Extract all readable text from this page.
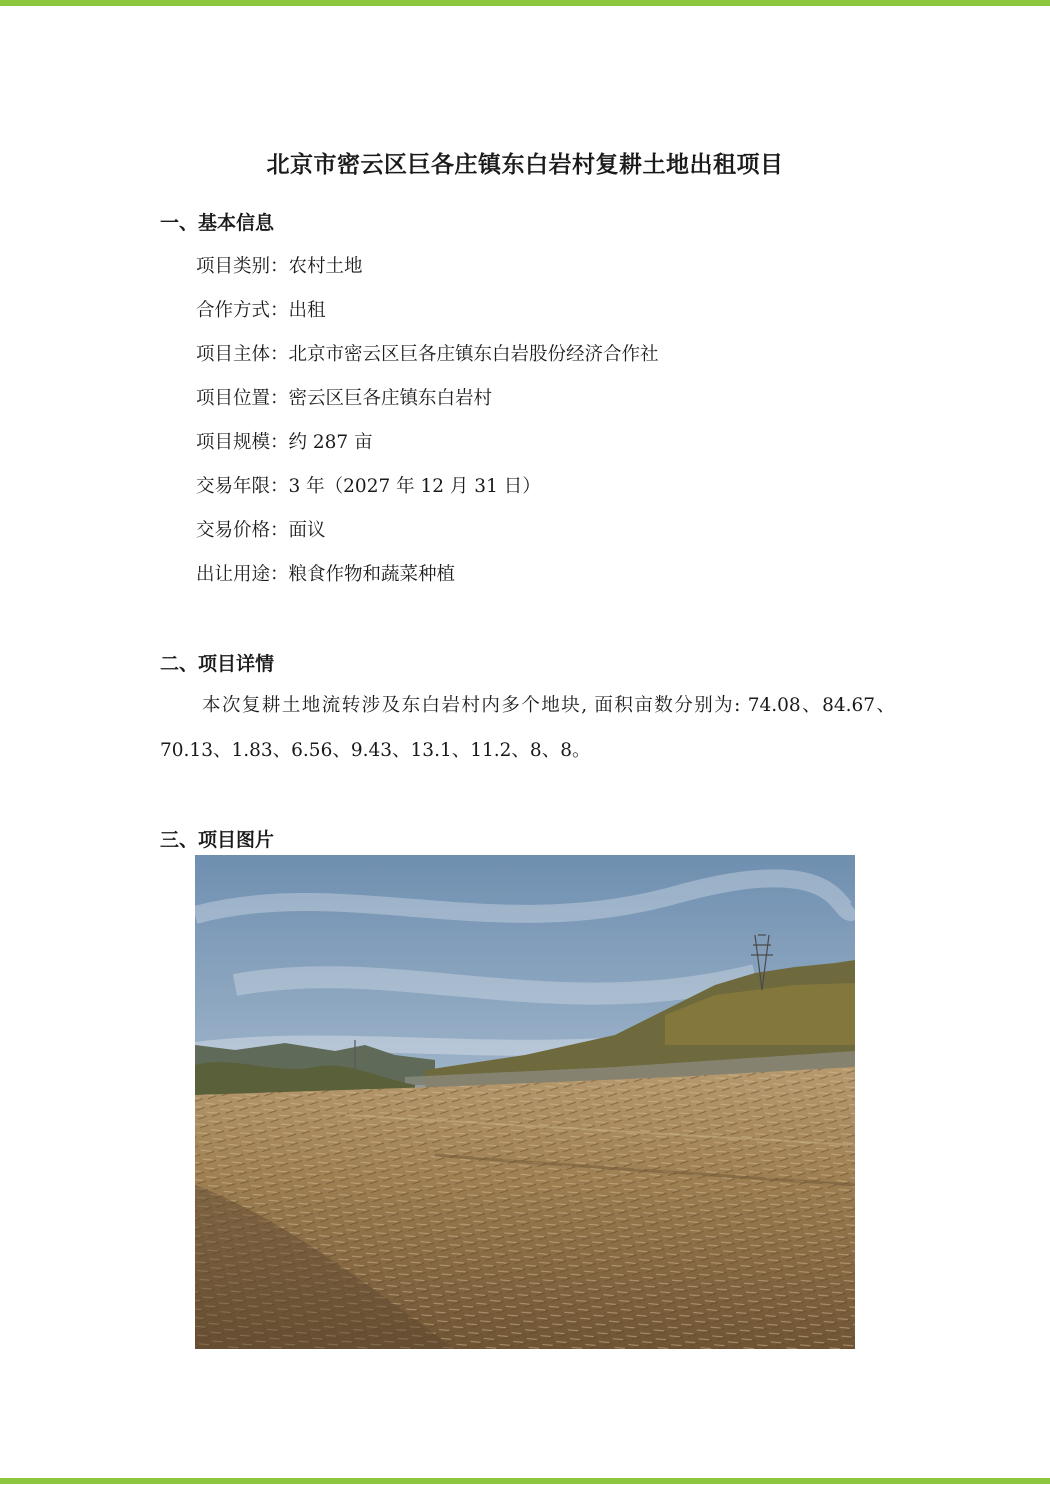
北京市密云区巨各庄镇东白岩村复耕土地出租项目
一、基本信息
项目类别：农村土地
合作方式：出租
项目主体：北京市密云区巨各庄镇东白岩股份经济合作社
项目位置：密云区巨各庄镇东白岩村
项目规模：约 287 亩
交易年限：3 年（2027 年 12 月 31 日）
交易价格：面议
出让用途：粮食作物和蔬菜种植
二、项目详情
本次复耕土地流转涉及东白岩村内多个地块, 面积亩数分别为: 74.08、84.67、70.13、1.83、6.56、9.43、13.1、11.2、8、8。
三、项目图片
